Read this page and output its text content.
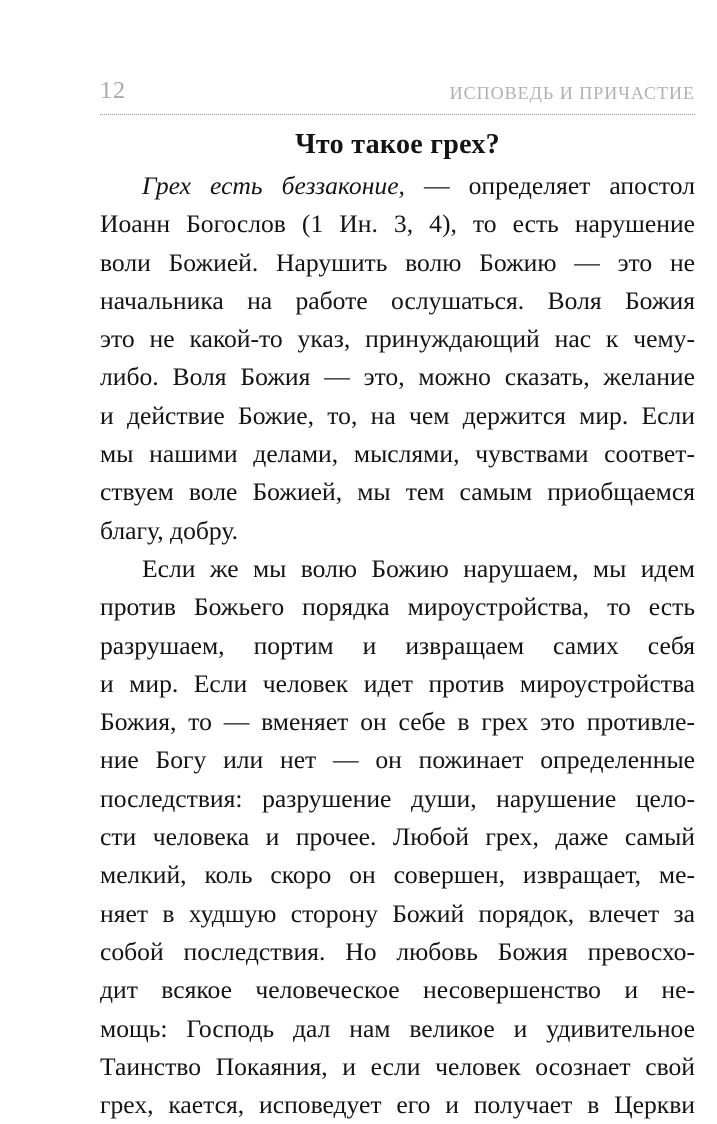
12	ИСПОВЕДЬ И ПРИЧАСТИЕ
Что такое грех?
Грех есть беззаконие, — определяет апостол
Иоанн Богослов (1 Ин. 3, 4), то есть нарушение
воли Божией. Нарушить волю Божию — это не
начальника на работе ослушаться. Воля Божия
это не какой-то указ, принуждающий нас к чему-
либо. Воля Божия — это, можно сказать, желание
и действие Божие, то, на чем держится мир. Если
мы нашими делами, мыслями, чувствами соответ-
ствуем воле Божией, мы тем самым приобщаемся
благу, добру.
Если же мы волю Божию нарушаем, мы идем
против Божьего порядка мироустройства, то есть
разрушаем, портим и извращаем самих себя
и мир. Если человек идет против мироустройства
Божия, то — вменяет он себе в грех это противле-
ние Богу или нет — он пожинает определенные
последствия: разрушение души, нарушение цело-
сти человека и прочее. Любой грех, даже самый
мелкий, коль скоро он совершен, извращает, ме-
няет в худшую сторону Божий порядок, влечет за
собой последствия. Но любовь Божия превосхо-
дит всякое человеческое несовершенство и не-
мощь: Господь дал нам великое и удивительное
Таинство Покаяния, и если человек осознает свой
грех, кается, исповедует его и получает в Церкви
